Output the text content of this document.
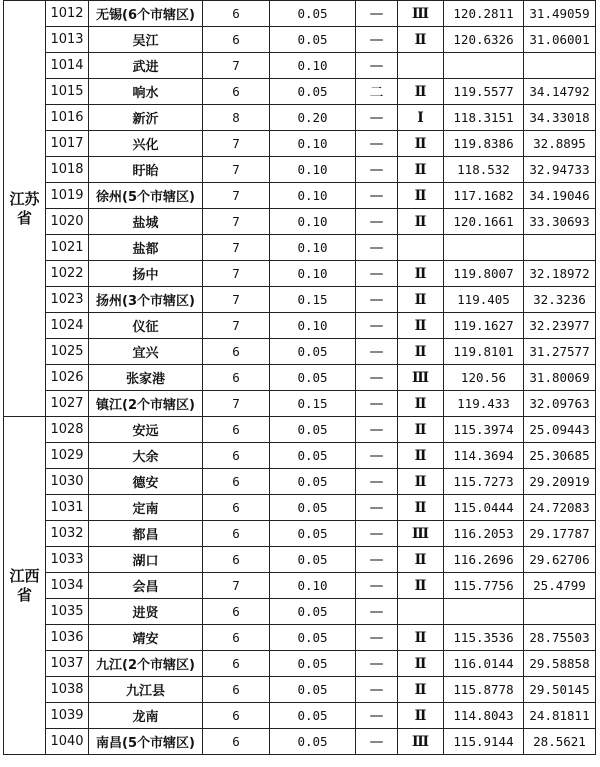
江苏省	1012	无锡(6个市辖区)	6	0.05	—	Ⅲ	120.2811	31.49059
	1013	吴江	6	0.05	—	Ⅱ	120.6326	31.06001
	1014	武进	7	0.10	—			
	1015	响水	6	0.05	二	Ⅱ	119.5577	34.14792
	1016	新沂	8	0.20	—	Ⅰ	118.3151	34.33018
	1017	兴化	7	0.10	—	Ⅱ	119.8386	32.8895
	1018	盱眙	7	0.10	—	Ⅱ	118.532	32.94733
	1019	徐州(5个市辖区)	7	0.10	—	Ⅱ	117.1682	34.19046
	1020	盐城	7	0.10	—	Ⅱ	120.1661	33.30693
	1021	盐都	7	0.10	—			
	1022	扬中	7	0.10	—	Ⅱ	119.8007	32.18972
	1023	扬州(3个市辖区)	7	0.15	—	Ⅱ	119.405	32.3236
	1024	仪征	7	0.10	—	Ⅱ	119.1627	32.23977
	1025	宜兴	6	0.05	—	Ⅱ	119.8101	31.27577
	1026	张家港	6	0.05	—	Ⅲ	120.56	31.80069
	1027	镇江(2个市辖区)	7	0.15	—	Ⅱ	119.433	32.09763
江西省	1028	安远	6	0.05	—	Ⅱ	115.3974	25.09443
	1029	大余	6	0.05	—	Ⅱ	114.3694	25.30685
	1030	德安	6	0.05	—	Ⅱ	115.7273	29.20919
	1031	定南	6	0.05	—	Ⅱ	115.0444	24.72083
	1032	都昌	6	0.05	—	Ⅲ	116.2053	29.17787
	1033	湖口	6	0.05	—	Ⅱ	116.2696	29.62706
	1034	会昌	7	0.10	—	Ⅱ	115.7756	25.4799
	1035	进贤	6	0.05	—			
	1036	靖安	6	0.05	—	Ⅱ	115.3536	28.75503
	1037	九江(2个市辖区)	6	0.05	—	Ⅱ	116.0144	29.58858
	1038	九江县	6	0.05	—	Ⅱ	115.8778	29.50145
	1039	龙南	6	0.05	—	Ⅱ	114.8043	24.81811
	1040	南昌(5个市辖区)	6	0.05	—	Ⅲ	115.9144	28.5621
